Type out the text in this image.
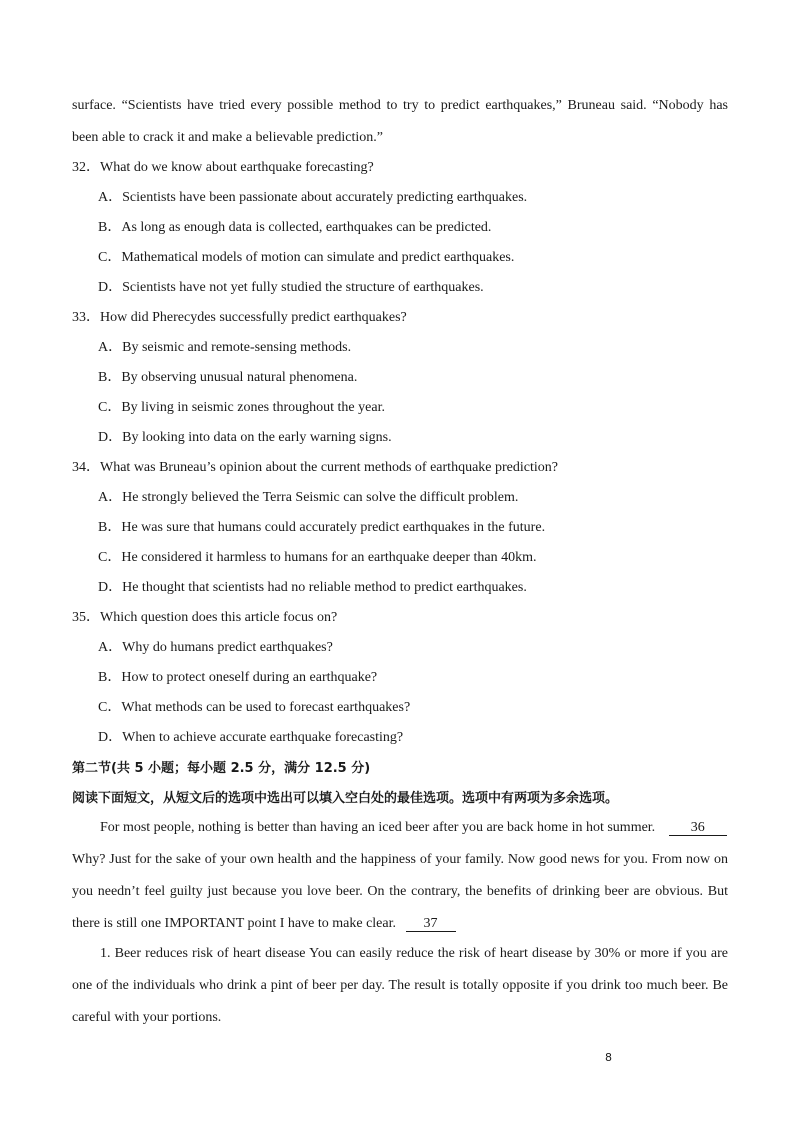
surface. “Scientists have tried every possible method to try to predict earthquakes,” Bruneau said. “Nobody has
been able to crack it and make a believable prediction.”
32．What do we know about earthquake forecasting?
A．Scientists have been passionate about accurately predicting earthquakes.
B．As long as enough data is collected, earthquakes can be predicted.
C．Mathematical models of motion can simulate and predict earthquakes.
D．Scientists have not yet fully studied the structure of earthquakes.
33．How did Pherecydes successfully predict earthquakes?
A．By seismic and remote-sensing methods.
B．By observing unusual natural phenomena.
C．By living in seismic zones throughout the year.
D．By looking into data on the early warning signs.
34．What was Bruneau’s opinion about the current methods of earthquake prediction?
A．He strongly believed the Terra Seismic can solve the difficult problem.
B．He was sure that humans could accurately predict earthquakes in the future.
C．He considered it harmless to humans for an earthquake deeper than 40km.
D．He thought that scientists had no reliable method to predict earthquakes.
35．Which question does this article focus on?
A．Why do humans predict earthquakes?
B．How to protect oneself during an earthquake?
C．What methods can be used to forecast earthquakes?
D．When to achieve accurate earthquake forecasting?
第二节(共 5 小题；每小题 2.5 分，满分 12.5 分)
阅读下面短文，从短文后的选项中选出可以填入空白处的最佳选项。选项中有两项为多余选项。
For most people, nothing is better than having an iced beer after you are back home in hot summer.	36
Why? Just for the sake of your own health and the happiness of your family. Now good news for you. From now on
you needn’t feel guilty just because you love beer. On the contrary, the benefits of drinking beer are obvious. But
there is still one IMPORTANT point I have to make clear. 37
1. Beer reduces risk of heart disease You can easily reduce the risk of heart disease by 30% or more if you are
one of the individuals who drink a pint of beer per day. The result is totally opposite if you drink too much beer. Be
careful with your portions.
8
